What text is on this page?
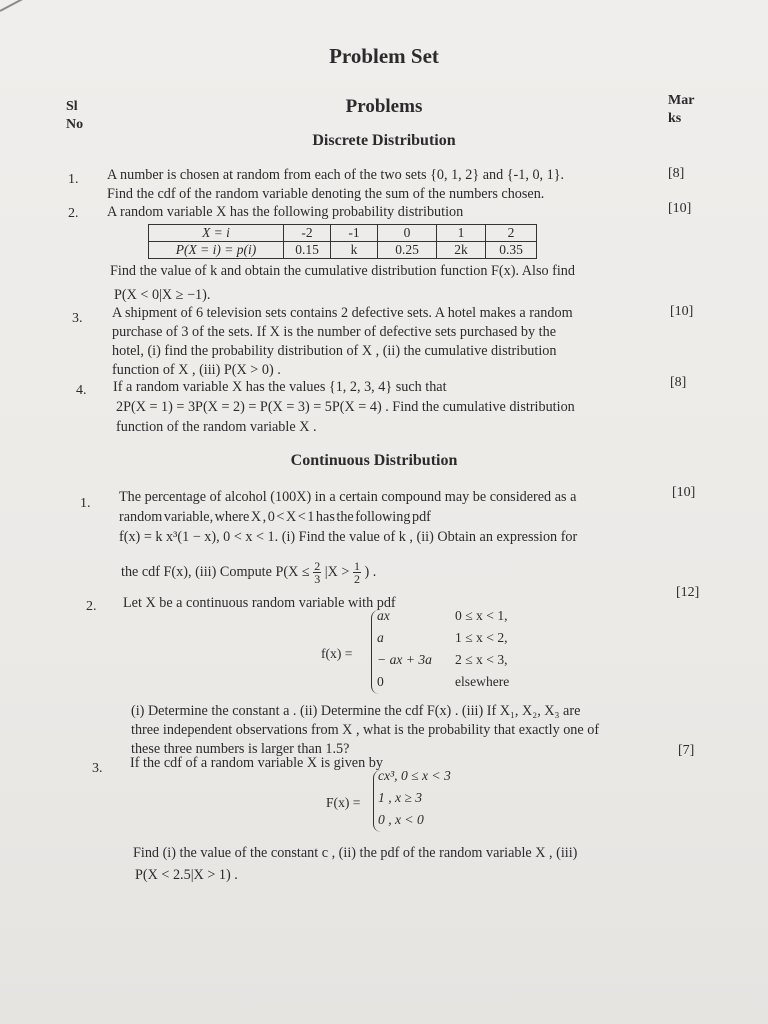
Problem Set
Sl
No
Problems	Mar
ks
Discrete Distribution
1. A number is chosen at random from each of the two sets {0, 1, 2} and {-1, 0, 1}.
Find the cdf of the random variable denoting the sum of the numbers chosen.
[8]
2. A random variable X has the following probability distribution	[10]
X = i	-2	-1	0	1	2
P(X = i) = p(i)	0.15	k	0.25	2k	0.35
Find the value of k and obtain the cumulative distribution function F(x). Also find
P(X < 0|X ≥ −1).
3. A shipment of 6 television sets contains 2 defective sets. A hotel makes a random
purchase of 3 of the sets. If X is the number of defective sets purchased by the
hotel, (i) find the probability distribution of X , (ii) the cumulative distribution
function of X , (iii) P(X > 0) .
[10]
4. If a random variable X has the values {1, 2, 3, 4} such that
2P(X = 1) = 3P(X = 2) = P(X = 3) = 5P(X = 4) . Find the cumulative distribution
function of the random variable X .
[8]
Continuous Distribution
1. The percentage of alcohol (100X) in a certain compound may be considered as a
random variable, where X , 0 < X < 1 has the following pdf
f(x) = k x³(1 − x), 0 < x < 1. (i) Find the value of k , (ii) Obtain an expression for
the cdf F(x), (iii) Compute $P(X \le \frac{2}{3} |X > \frac{1}{2}$ ) .
[10]
2. Let X be a continuous random variable with pdf
[12]
f(x) =
ax
a
− ax + 3a
0
0 ≤ x < 1,
1 ≤ x < 2,
2 ≤ x < 3,
elsewhere
(i) Determine the constant a . (ii) Determine the cdf F(x) . (iii) If X₁, X₂, X₃ are
three independent observations from X , what is the probability that exactly one of
these three numbers is larger than 1.5?
3. If the cdf of a random variable X is given by
[7]
F(x) =
cx³, 0 ≤ x < 3
1 , x ≥ 3
0 , x < 0
Find (i) the value of the constant c , (ii) the pdf of the random variable X , (iii)
P(X < 2.5|X > 1) .
